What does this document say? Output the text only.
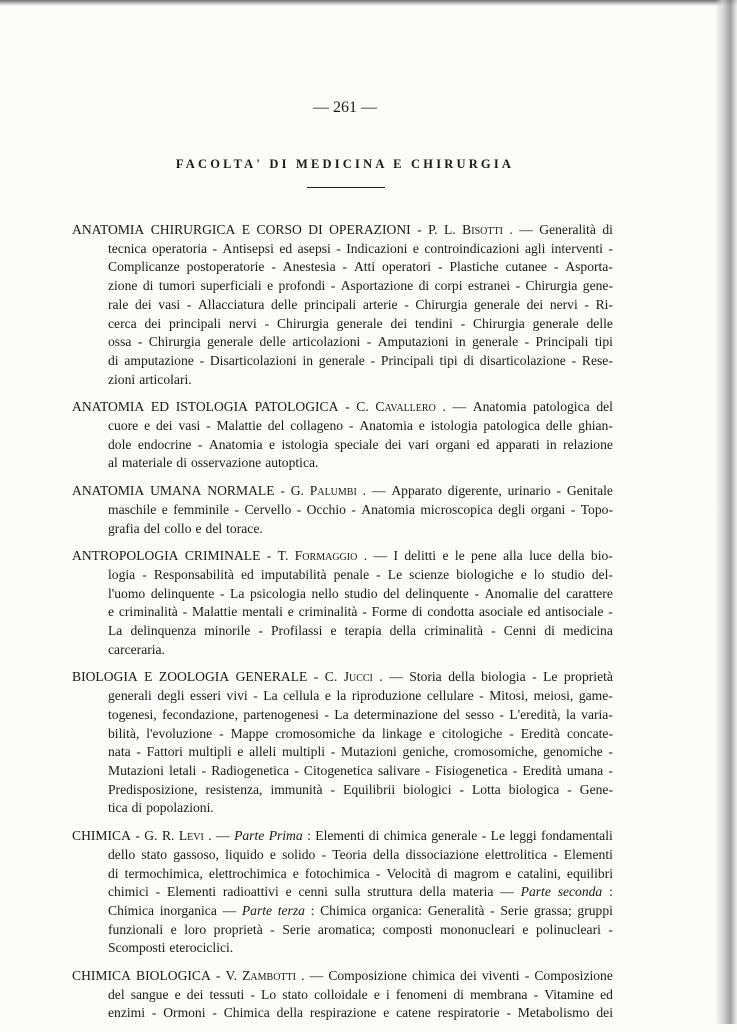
— 261 —
FACOLTA' DI MEDICINA E CHIRURGIA
ANATOMIA CHIRURGICA E CORSO DI OPERAZIONI - P. L. Bisotti . — Generalità di
tecnica operatoria - Antisepsi ed asepsi - Indicazioni e controindicazioni agli interventi -
Complicanze postoperatorie - Anestesia - Atti operatori - Plastiche cutanee - Asporta-
zione di tumori superficiali e profondi - Asportazione di corpi estranei - Chirurgia gene-
rale dei vasi - Allacciatura delle principali arterie - Chirurgia generale dei nervi - Ri-
cerca dei principali nervi - Chirurgia generale dei tendini - Chirurgia generale delle
ossa - Chirurgia generale delle articolazioni - Amputazioni in generale - Principali tipi
di amputazione - Disarticolazioni in generale - Principali tipi di disarticolazione - Rese-
zioni articolari.
ANATOMIA ED ISTOLOGIA PATOLOGICA - C. Cavallero . — Anatomia patologica del
cuore e dei vasi - Malattie del collageno - Anatomia e istologia patologica delle ghian-
dole endocrine - Anatomia e istologia speciale dei vari organi ed apparati in relazione
al materiale di osservazione autoptica.
ANATOMIA UMANA NORMALE - G. Palumbi . — Apparato digerente, urinario - Genitale
maschile e femminile - Cervello - Occhio - Anatomia microscopica degli organi - Topo-
grafia del collo e del torace.
ANTROPOLOGIA CRIMINALE - T. Formaggio . — I delitti e le pene alla luce della bio-
logia - Responsabilità ed imputabilità penale - Le scienze biologiche e lo studio del-
l'uomo delinquente - La psicologia nello studio del delinquente - Anomalie del carattere
e criminalità - Malattie mentali e criminalità - Forme di condotta asociale ed antisociale -
La delinquenza minorile - Profilassi e terapia della criminalità - Cenni di medicina
carceraria.
BIOLOGIA E ZOOLOGIA GENERALE - C. Jucci . — Storia della biologia - Le proprietà
generali degli esseri vivi - La cellula e la riproduzione cellulare - Mitosi, meiosi, game-
togenesi, fecondazione, partenogenesi - La determinazione del sesso - L'eredità, la varia-
bilità, l'evoluzione - Mappe cromosomiche da linkage e citologiche - Eredità concate-
nata - Fattori multipli e alleli multipli - Mutazioni geniche, cromosomiche, genomiche -
Mutazioni letali - Radiogenetica - Citogenetica salivare - Fisiogenetica - Eredità umana -
Predisposizione, resistenza, immunità - Equilibrii biologici - Lotta biologica - Gene-
tica di popolazioni.
CHIMICA - G. R. Levi . — Parte Prima : Elementi di chimica generale - Le leggi fondamentali
dello stato gassoso, liquido e solido - Teoria della dissociazione elettrolitica - Elementi
di termochimica, elettrochimica e fotochimica - Velocità di magrom e catalini, equilibri
chimici - Elementi radioattivi e cenni sulla struttura della materia — Parte seconda :
Chimica inorganica — Parte terza : Chimica organica: Generalità - Serie grassa; gruppi
funzionali e loro proprietà - Serie aromatica; composti mononucleari e polinucleari -
Scomposti eterociclici.
CHIMICA BIOLOGICA - V. Zambotti . — Composizione chimica dei viventi - Composizione
del sangue e dei tessuti - Lo stato colloidale e i fenomeni di membrana - Vitamine ed
enzimi - Ormoni - Chimica della respirazione e catene respiratorie - Metabolismo dei
